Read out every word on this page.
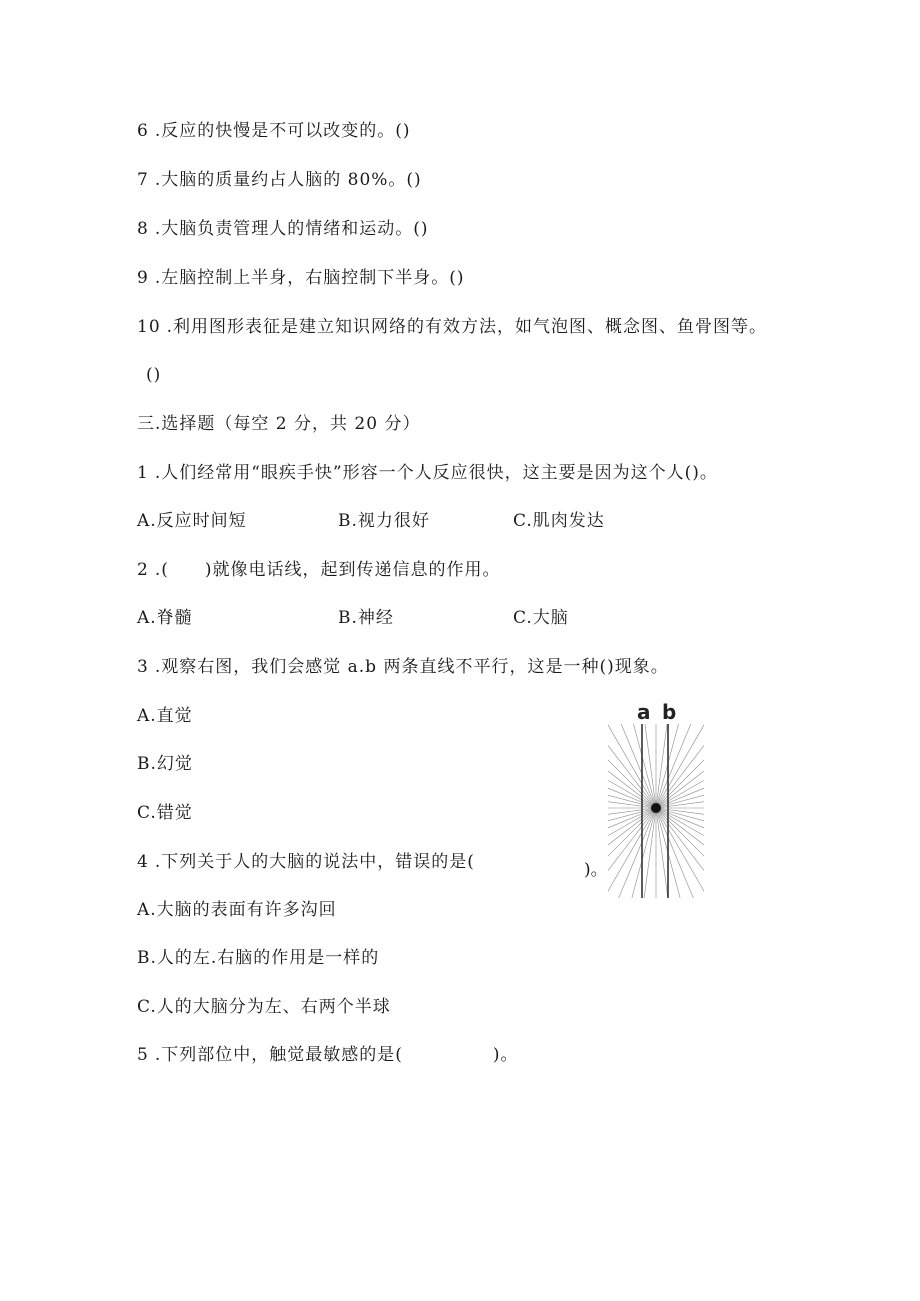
6 .反应的快慢是不可以改变的。()
7 .大脑的质量约占人脑的 80%。()
8 .大脑负责管理人的情绪和运动。()
9 .左脑控制上半身，右脑控制下半身。()
10 .利用图形表征是建立知识网络的有效方法，如气泡图、概念图、鱼骨图等。
()
三.选择题（每空 2 分，共 20 分）
1 .人们经常用“眼疾手快”形容一个人反应很快，这主要是因为这个人()。
A.反应时间短	B.视力很好	C.肌肉发达
2 .(　　)就像电话线，起到传递信息的作用。
A.脊髓	B.神经	C.大脑
3 .观察右图，我们会感觉 a.b 两条直线不平行，这是一种()现象。
A.直觉
B.幻觉
C.错觉
a b
4 .下列关于人的大脑的说法中，错误的是(	)。
A.大脑的表面有许多沟回
B.人的左.右脑的作用是一样的
C.人的大脑分为左、右两个半球
5 .下列部位中，触觉最敏感的是(　　　　　)。
